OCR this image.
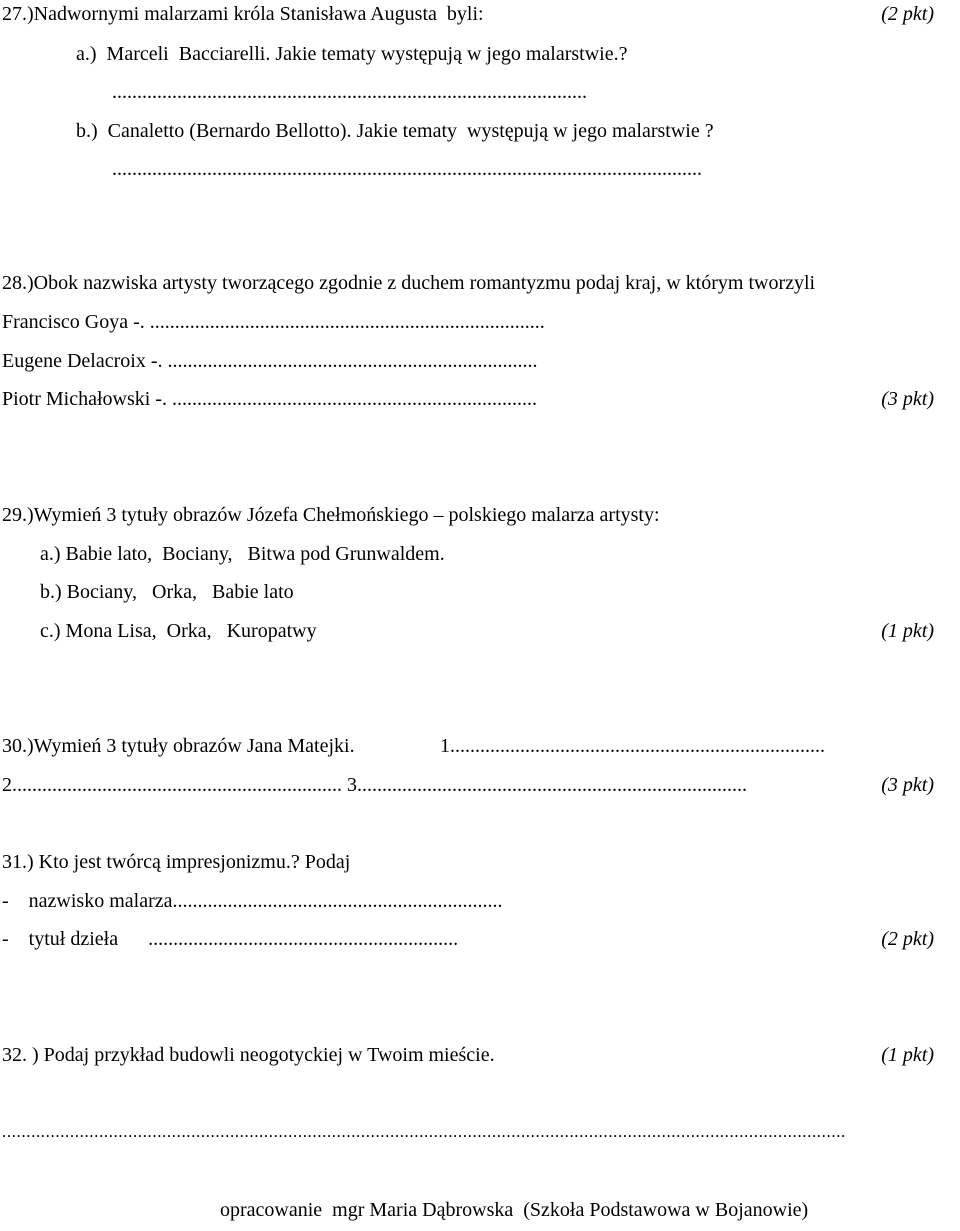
27.)Nadwornymi malarzami króla Stanisława Augusta  byli:	(2 pkt)
a.)  Marceli  Bacciarelli. Jakie tematy występują w jego malarstwie.?
...............................................................................................
b.)  Canaletto (Bernardo Bellotto). Jakie tematy  występują w jego malarstwie ?
......................................................................................................................
28.)Obok nazwiska artysty tworzącego zgodnie z duchem romantyzmu podaj kraj, w którym tworzyli
Francisco Goya -. ...............................................................................
Eugene Delacroix -. ..........................................................................
Piotr Michałowski -. .........................................................................	(3 pkt)
29.)Wymień 3 tytuły obrazów Józefa Chełmońskiego – polskiego malarza artysty:
a.) Babie lato,  Bociany,   Bitwa pod Grunwaldem.
b.) Bociany,   Orka,   Babie lato
c.) Mona Lisa,  Orka,   Kuropatwy	(1 pkt)
30.)Wymień 3 tytuły obrazów Jana Matejki.	1...........................................................................
2.................................................................. 3..............................................................................	(3 pkt)
31.) Kto jest twórcą impresjonizmu.? Podaj
-    nazwisko malarza..................................................................
-    tytuł dzieła      ..............................................................	(2 pkt)
32. ) Podaj przykład budowli neogotyckiej w Twoim mieście.	(1 pkt)
..............................................................................................................................................................................
opracowanie  mgr Maria Dąbrowska  (Szkoła Podstawowa w Bojanowie)
